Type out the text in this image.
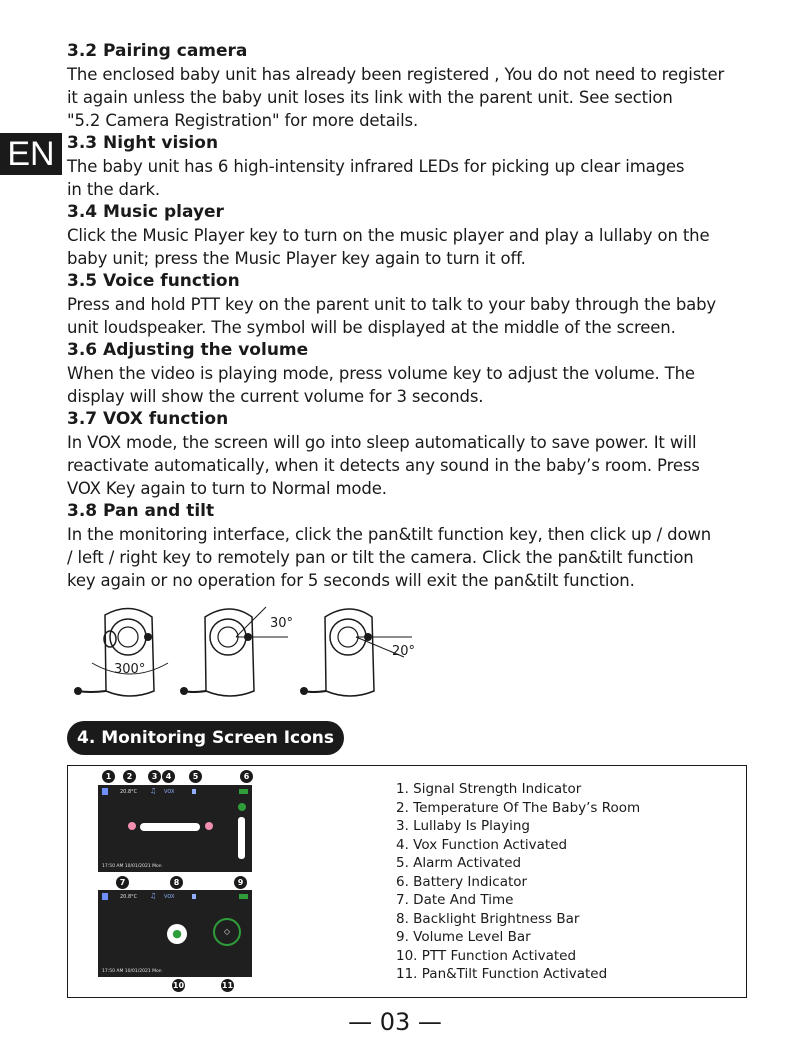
EN

3.2 Pairing camera

The enclosed baby unit has already been registered , You do not need to register

it again unless the baby unit loses its link with the parent unit. See section

"5.2 Camera Registration" for more details.

3.3 Night vision

The baby unit has 6 high-intensity infrared LEDs for picking up clear images

in the dark.

3.4 Music player

Click the Music Player key to turn on the music player and play a lullaby on the

baby unit; press the Music Player key again to turn it off.

3.5 Voice function

Press and hold PTT key on the parent unit to talk to your baby through the baby

unit loudspeaker. The symbol will be displayed at the middle of the screen.

3.6 Adjusting the volume

When the video is playing mode, press volume key to adjust the volume. The

display will show the current volume for 3 seconds.

3.7 VOX function

In VOX mode, the screen will go into sleep automatically to save power. It will

reactivate automatically, when it detects any sound in the baby’s room. Press

VOX Key again to turn to Normal mode.

3.8 Pan and tilt

In the monitoring interface, click the pan&tilt function key, then click up / down

/ left / right key to remotely pan or tilt the camera. Click the pan&tilt function

key again or no operation for 5 seconds will exit the pan&tilt function.

300°
30°
20°
4. Monitoring Screen Icons
1	2	3	4	5	6
20.8°C ♫ VOX
17:50 AM 10/01/2021 Mon
7	8	9
20.8°C ♫ VOX
●	◇
17:50 AM 10/01/2021 Mon
10	11
1. Signal Strength Indicator
2. Temperature Of The Baby’s Room
3. Lullaby Is Playing
4. Vox Function Activated
5. Alarm Activated
6. Battery Indicator
7. Date And Time
8. Backlight Brightness Bar
9. Volume Level Bar
10. PTT Function Activated
11. Pan&Tilt Function Activated
— 03 —
